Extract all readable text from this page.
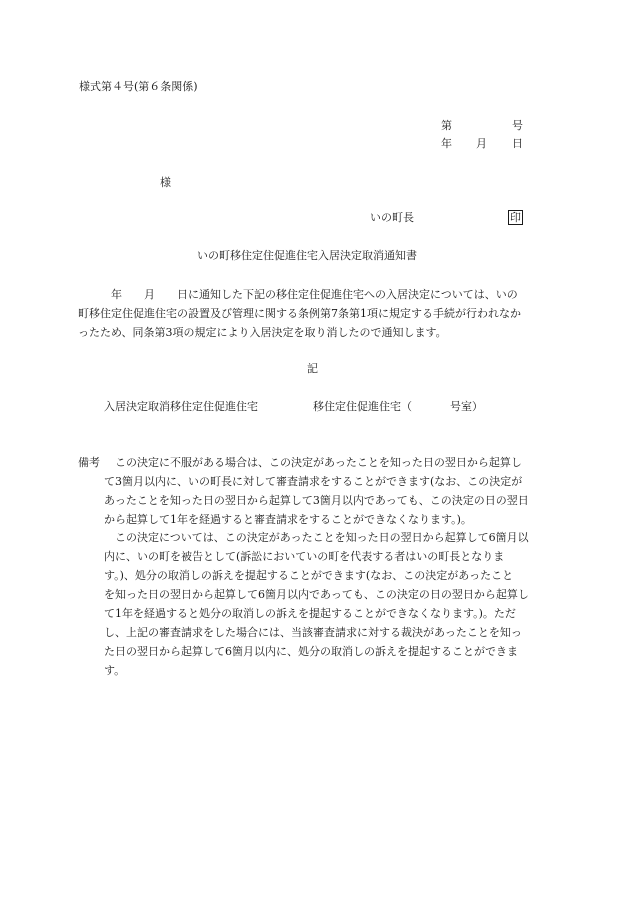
様式第４号(第６条関係)
第	号
年 月 日
様
いの町長	印
いの町移住定住促進住宅入居決定取消通知書
　　　年　　月　　日に通知した下記の移住定住促進住宅への入居決定については、いの
町移住定住促進住宅の設置及び管理に関する条例第7条第1項に規定する手続が行われなか
ったため、同条第3項の規定により入居決定を取り消したので通知します。
記
入居決定取消移住定住促進住宅	移住定住促進住宅（	号室）
備考 この決定に不服がある場合は、この決定があったことを知った日の翌日から起算し
て3箇月以内に、いの町長に対して審査請求をすることができます(なお、この決定が
あったことを知った日の翌日から起算して3箇月以内であっても、この決定の日の翌日
から起算して1年を経過すると審査請求をすることができなくなります。)。
　この決定については、この決定があったことを知った日の翌日から起算して6箇月以
内に、いの町を被告として(訴訟においていの町を代表する者はいの町長となりま
す。)、処分の取消しの訴えを提起することができます(なお、この決定があったこと
を知った日の翌日から起算して6箇月以内であっても、この決定の日の翌日から起算し
て1年を経過すると処分の取消しの訴えを提起することができなくなります。)。ただ
し、上記の審査請求をした場合には、当該審査請求に対する裁決があったことを知っ
た日の翌日から起算して6箇月以内に、処分の取消しの訴えを提起することができま
す。
